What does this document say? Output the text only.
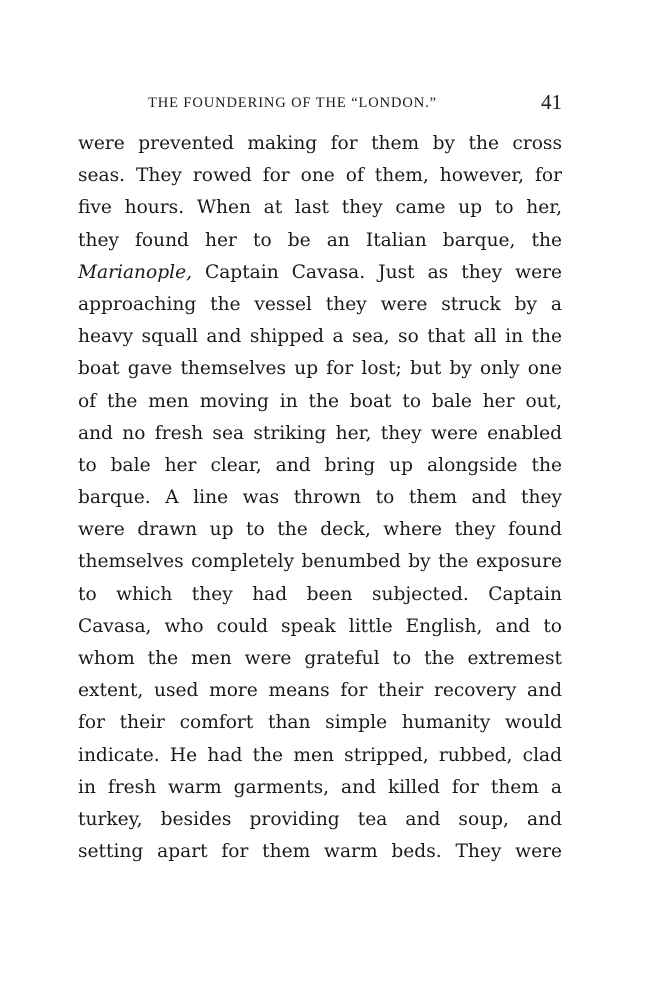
THE FOUNDERING OF THE “LONDON.”	41
were prevented making for them by the cross
seas. They rowed for one of them, however, for
five hours. When at last they came up to her,
they found her to be an Italian barque, the
Marianople, Captain Cavasa. Just as they were
approaching the vessel they were struck by a
heavy squall and shipped a sea, so that all in the
boat gave themselves up for lost; but by only one
of the men moving in the boat to bale her out,
and no fresh sea striking her, they were enabled
to bale her clear, and bring up alongside the
barque. A line was thrown to them and they
were drawn up to the deck, where they found
themselves completely benumbed by the exposure
to which they had been subjected. Captain
Cavasa, who could speak little English, and to
whom the men were grateful to the extremest
extent, used more means for their recovery and
for their comfort than simple humanity would
indicate. He had the men stripped, rubbed, clad
in fresh warm garments, and killed for them a
turkey, besides providing tea and soup, and
setting apart for them warm beds. They were
